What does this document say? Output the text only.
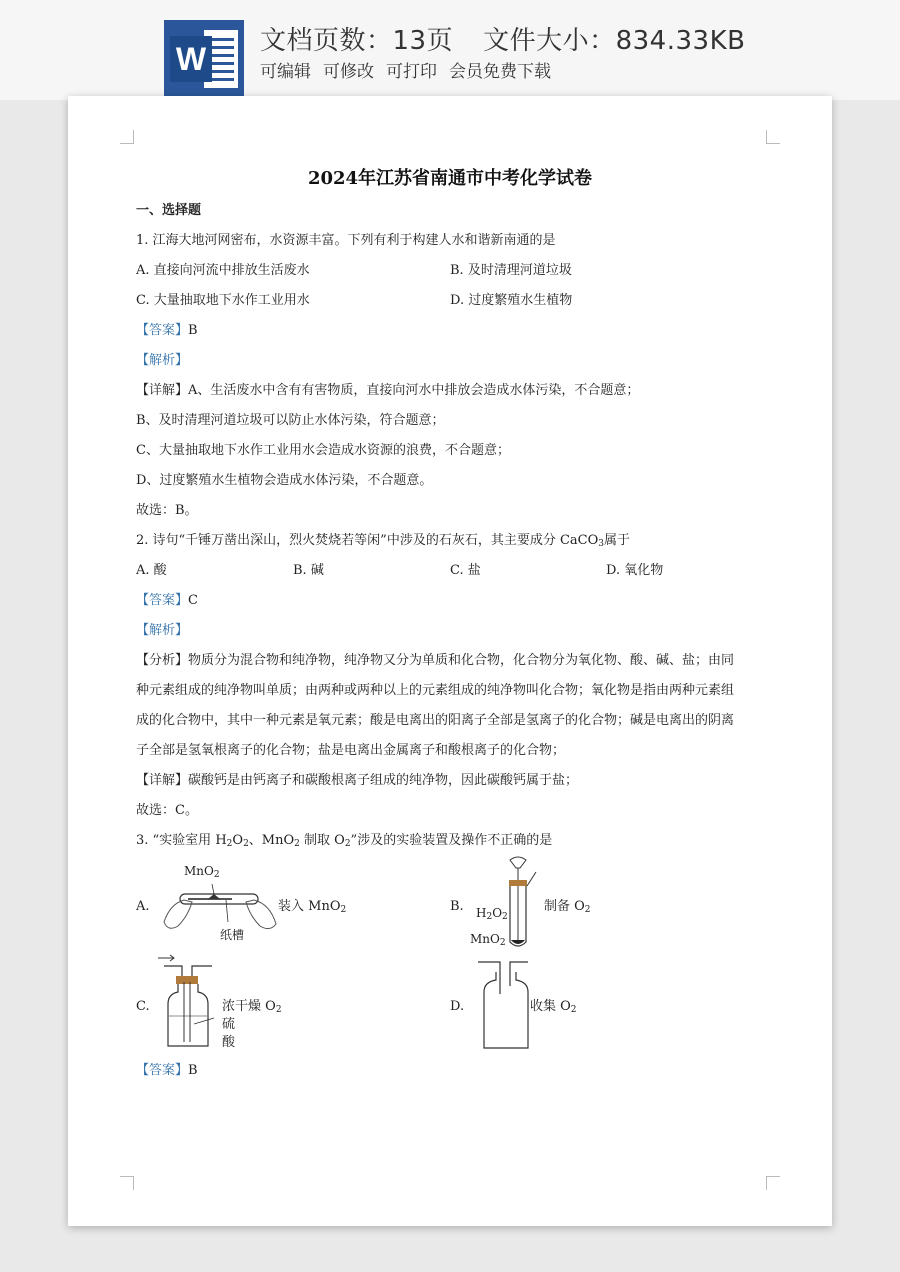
W 文档页数：13页 文件大小：834.33KB
可编辑 可修改 可打印 会员免费下载
2024年江苏省南通市中考化学试卷
一、选择题
1. 江海大地河网密布，水资源丰富。下列有利于构建人水和谐新南通的是
A. 直接向河流中排放生活废水	B. 及时清理河道垃圾
C. 大量抽取地下水作工业用水	D. 过度繁殖水生植物
【答案】B
【解析】
【详解】A、生活废水中含有有害物质，直接向河水中排放会造成水体污染，不合题意；
B、及时清理河道垃圾可以防止水体污染，符合题意；
C、大量抽取地下水作工业用水会造成水资源的浪费，不合题意；
D、过度繁殖水生植物会造成水体污染，不合题意。
故选：B。
2. 诗句“千锤万凿出深山，烈火焚烧若等闲”中涉及的石灰石，其主要成分 CaCO$_3$属于
A. 酸	B. 碱	C. 盐	D. 氧化物
【答案】C
【解析】
【分析】物质分为混合物和纯净物，纯净物又分为单质和化合物，化合物分为氧化物、酸、碱、盐；由同
种元素组成的纯净物叫单质；由两种或两种以上的元素组成的纯净物叫化合物；氧化物是指由两种元素组
成的化合物中，其中一种元素是氧元素；酸是电离出的阳离子全部是氢离子的化合物；碱是电离出的阴离
子全部是氢氧根离子的化合物；盐是电离出金属离子和酸根离子的化合物；
【详解】碳酸钙是由钙离子和碳酸根离子组成的纯净物，因此碳酸钙属于盐；
故选：C。
3. “实验室用 $H_2O_2$、MnO$_2$ 制取 $O_2$”涉及的实验装置及操作不正确的是
A.
MnO$_2$
纸槽
装入 MnO$_2$	B. $H_2O_2$
MnO$_2$
制备 $O_2$
C.	浓干燥 $O_2$
硫
酸
D.	收集 $O_2$
【答案】B
